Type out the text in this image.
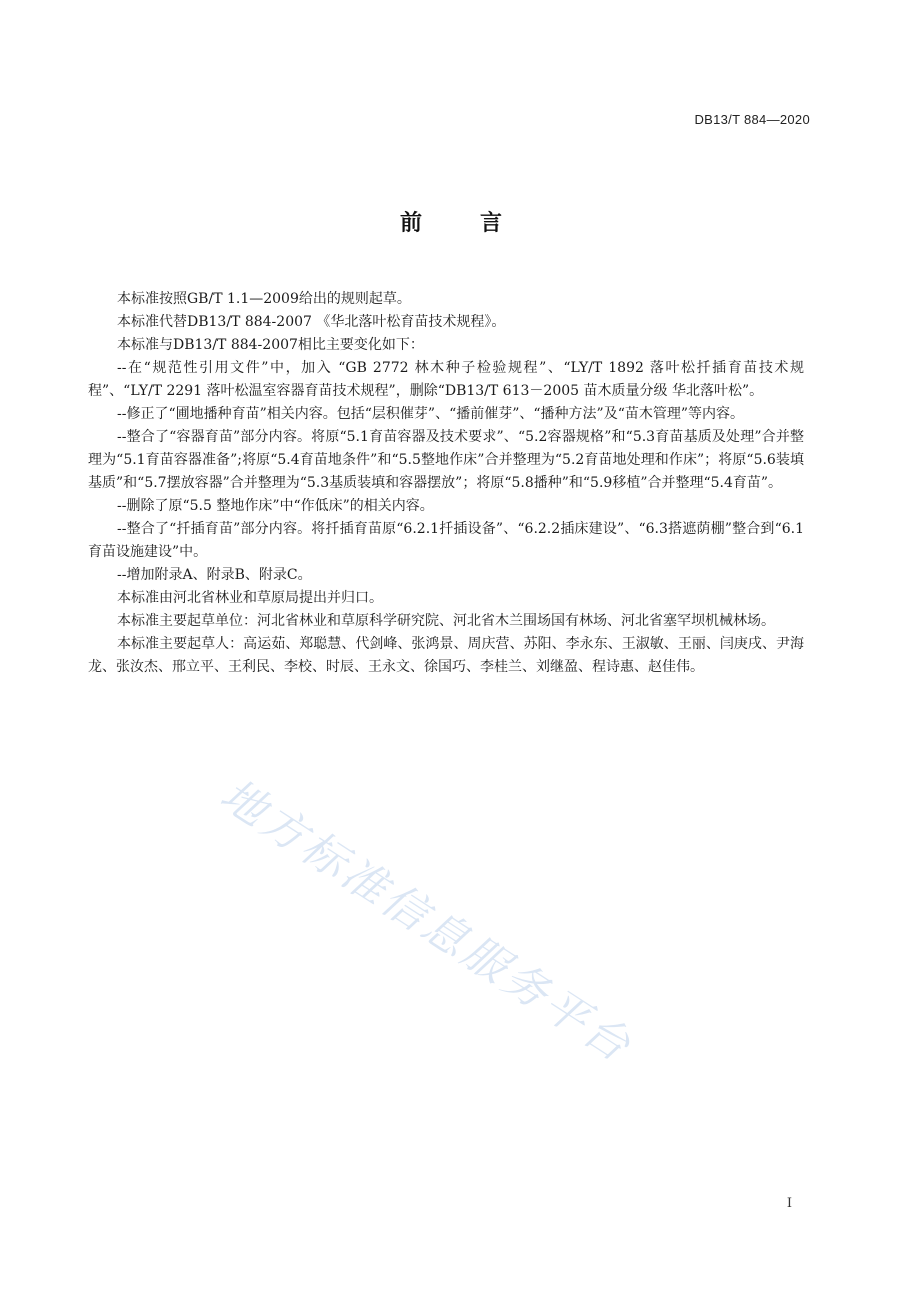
DB13/T 884—2020
前　言

本标准按照GB/T 1.1—2009给出的规则起草。

本标准代替DB13/T 884-2007 《华北落叶松育苗技术规程》。

本标准与DB13/T 884-2007相比主要变化如下：

--在“规范性引用文件”中，加入 “GB 2772 林木种子检验规程”、“LY/T 1892 落叶松扦插育苗技术规程”、“LY/T 2291 落叶松温室容器育苗技术规程”，删除“DB13/T 613－2005 苗木质量分级 华北落叶松”。

--修正了“圃地播种育苗”相关内容。包括“层积催芽”、“播前催芽”、“播种方法”及“苗木管理”等内容。

--整合了“容器育苗”部分内容。将原“5.1育苗容器及技术要求”、“5.2容器规格”和“5.3育苗基质及处理”合并整理为“5.1育苗容器准备”;将原“5.4育苗地条件”和“5.5整地作床”合并整理为“5.2育苗地处理和作床”；将原“5.6装填基质”和“5.7摆放容器”合并整理为“5.3基质装填和容器摆放”；将原“5.8播种”和“5.9移植”合并整理“5.4育苗”。

--删除了原“5.5 整地作床”中“作低床”的相关内容。

--整合了“扦插育苗”部分内容。将扦插育苗原“6.2.1扦插设备”、“6.2.2插床建设”、“6.3搭遮荫棚”整合到“6.1育苗设施建设”中。

--增加附录A、附录B、附录C。

本标准由河北省林业和草原局提出并归口。

本标准主要起草单位：河北省林业和草原科学研究院、河北省木兰围场国有林场、河北省塞罕坝机械林场。

本标准主要起草人：高运茹、郑聪慧、代剑峰、张鸿景、周庆营、苏阳、李永东、王淑敏、王丽、闫庚戌、尹海龙、张汝杰、邢立平、王利民、李校、时辰、王永文、徐国巧、李桂兰、刘继盈、程诗惠、赵佳伟。

地方标准信息服务平台
I
